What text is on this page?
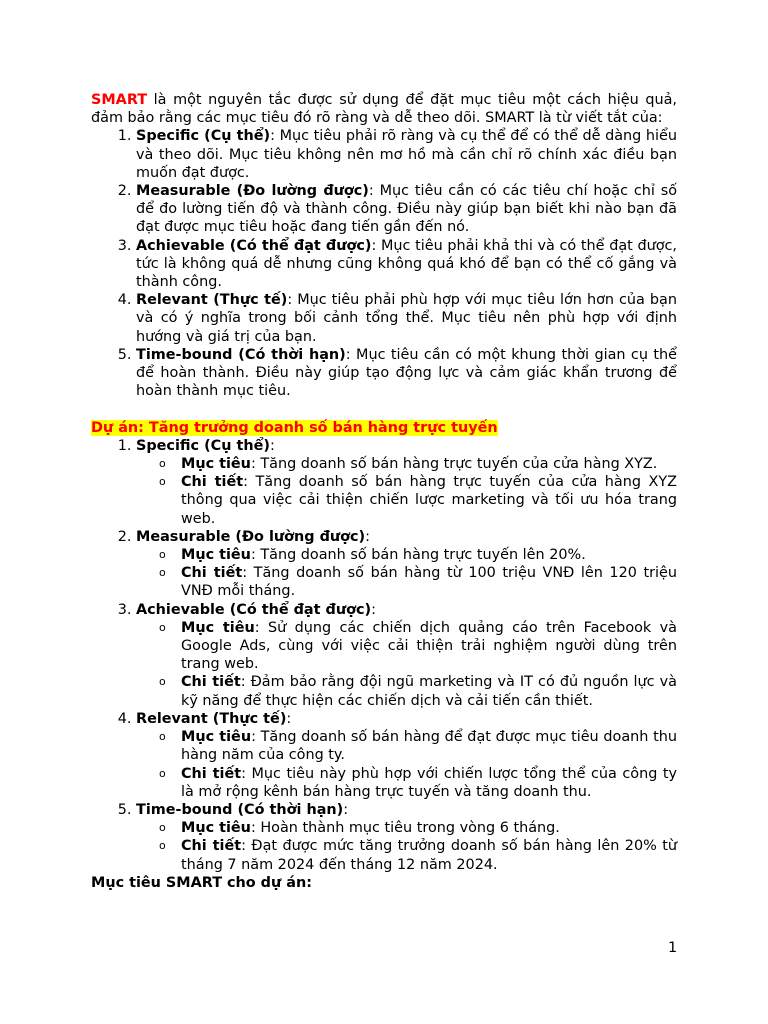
SMART là một nguyên tắc được sử dụng để đặt mục tiêu một cách hiệu quả, đảm bảo rằng các mục tiêu đó rõ ràng và dễ theo dõi. SMART là từ viết tắt của:

1. Specific (Cụ thể): Mục tiêu phải rõ ràng và cụ thể để có thể dễ dàng hiểu và theo dõi. Mục tiêu không nên mơ hồ mà cần chỉ rõ chính xác điều bạn muốn đạt được.
2. Measurable (Đo lường được): Mục tiêu cần có các tiêu chí hoặc chỉ số để đo lường tiến độ và thành công. Điều này giúp bạn biết khi nào bạn đã đạt được mục tiêu hoặc đang tiến gần đến nó.
3. Achievable (Có thể đạt được): Mục tiêu phải khả thi và có thể đạt được, tức là không quá dễ nhưng cũng không quá khó để bạn có thể cố gắng và thành công.
4. Relevant (Thực tế): Mục tiêu phải phù hợp với mục tiêu lớn hơn của bạn và có ý nghĩa trong bối cảnh tổng thể. Mục tiêu nên phù hợp với định hướng và giá trị của bạn.
5. Time-bound (Có thời hạn): Mục tiêu cần có một khung thời gian cụ thể để hoàn thành. Điều này giúp tạo động lực và cảm giác khẩn trương để hoàn thành mục tiêu.

Dự án: Tăng trưởng doanh số bán hàng trực tuyến

1. Specific (Cụ thể):
o Mục tiêu: Tăng doanh số bán hàng trực tuyến của cửa hàng XYZ.
o Chi tiết: Tăng doanh số bán hàng trực tuyến của cửa hàng XYZ thông qua việc cải thiện chiến lược marketing và tối ưu hóa trang web.
2. Measurable (Đo lường được):
o Mục tiêu: Tăng doanh số bán hàng trực tuyến lên 20%.
o Chi tiết: Tăng doanh số bán hàng từ 100 triệu VNĐ lên 120 triệu VNĐ mỗi tháng.
3. Achievable (Có thể đạt được):
o Mục tiêu: Sử dụng các chiến dịch quảng cáo trên Facebook và Google Ads, cùng với việc cải thiện trải nghiệm người dùng trên trang web.
o Chi tiết: Đảm bảo rằng đội ngũ marketing và IT có đủ nguồn lực và kỹ năng để thực hiện các chiến dịch và cải tiến cần thiết.
4. Relevant (Thực tế):
o Mục tiêu: Tăng doanh số bán hàng để đạt được mục tiêu doanh thu hàng năm của công ty.
o Chi tiết: Mục tiêu này phù hợp với chiến lược tổng thể của công ty là mở rộng kênh bán hàng trực tuyến và tăng doanh thu.
5. Time-bound (Có thời hạn):
o Mục tiêu: Hoàn thành mục tiêu trong vòng 6 tháng.
o Chi tiết: Đạt được mức tăng trưởng doanh số bán hàng lên 20% từ tháng 7 năm 2024 đến tháng 12 năm 2024.

Mục tiêu SMART cho dự án:

1
